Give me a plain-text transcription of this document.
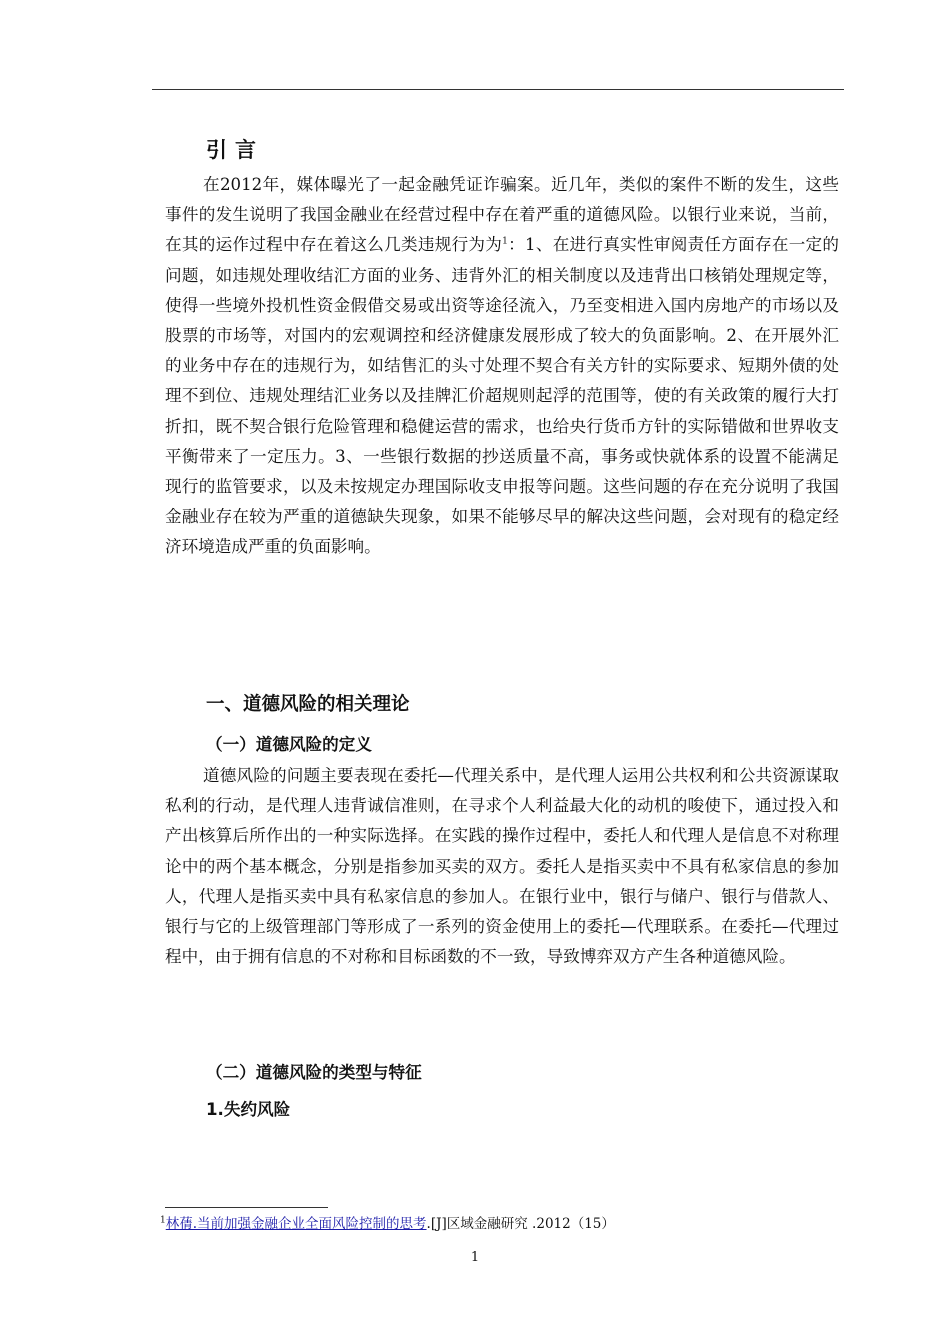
引言

在2012年，媒体曝光了一起金融凭证诈骗案。近几年，类似的案件不断的发生，这些事件的发生说明了我国金融业在经营过程中存在着严重的道德风险。以银行业来说，当前，在其的运作过程中存在着这么几类违规行为为$^1$：1、在进行真实性审阅责任方面存在一定的问题，如违规处理收结汇方面的业务、违背外汇的相关制度以及违背出口核销处理规定等，使得一些境外投机性资金假借交易或出资等途径流入，乃至变相进入国内房地产的市场以及股票的市场等，对国内的宏观调控和经济健康发展形成了较大的负面影响。2、在开展外汇的业务中存在的违规行为，如结售汇的头寸处理不契合有关方针的实际要求、短期外债的处理不到位、违规处理结汇业务以及挂牌汇价超规则起浮的范围等，使的有关政策的履行大打折扣，既不契合银行危险管理和稳健运营的需求，也给央行货币方针的实际错做和世界收支平衡带来了一定压力。3、一些银行数据的抄送质量不高，事务或快就体系的设置不能满足现行的监管要求，以及未按规定办理国际收支申报等问题。这些问题的存在充分说明了我国金融业存在较为严重的道德缺失现象，如果不能够尽早的解决这些问题，会对现有的稳定经济环境造成严重的负面影响。

一、道德风险的相关理论
（一）道德风险的定义

道德风险的问题主要表现在委托—代理关系中，是代理人运用公共权利和公共资源谋取私利的行动，是代理人违背诚信准则，在寻求个人利益最大化的动机的唆使下，通过投入和产出核算后所作出的一种实际选择。在实践的操作过程中，委托人和代理人是信息不对称理论中的两个基本概念，分别是指参加买卖的双方。委托人是指买卖中不具有私家信息的参加人，代理人是指买卖中具有私家信息的参加人。在银行业中，银行与储户、银行与借款人、银行与它的上级管理部门等形成了一系列的资金使用上的委托—代理联系。在委托—代理过程中，由于拥有信息的不对称和目标函数的不一致，导致博弈双方产生各种道德风险。

（二）道德风险的类型与特征
1.失约风险
$^1$林蒨.当前加强金融企业全面风险控制的思考.[J]区域金融研究 .2012（15）
1
